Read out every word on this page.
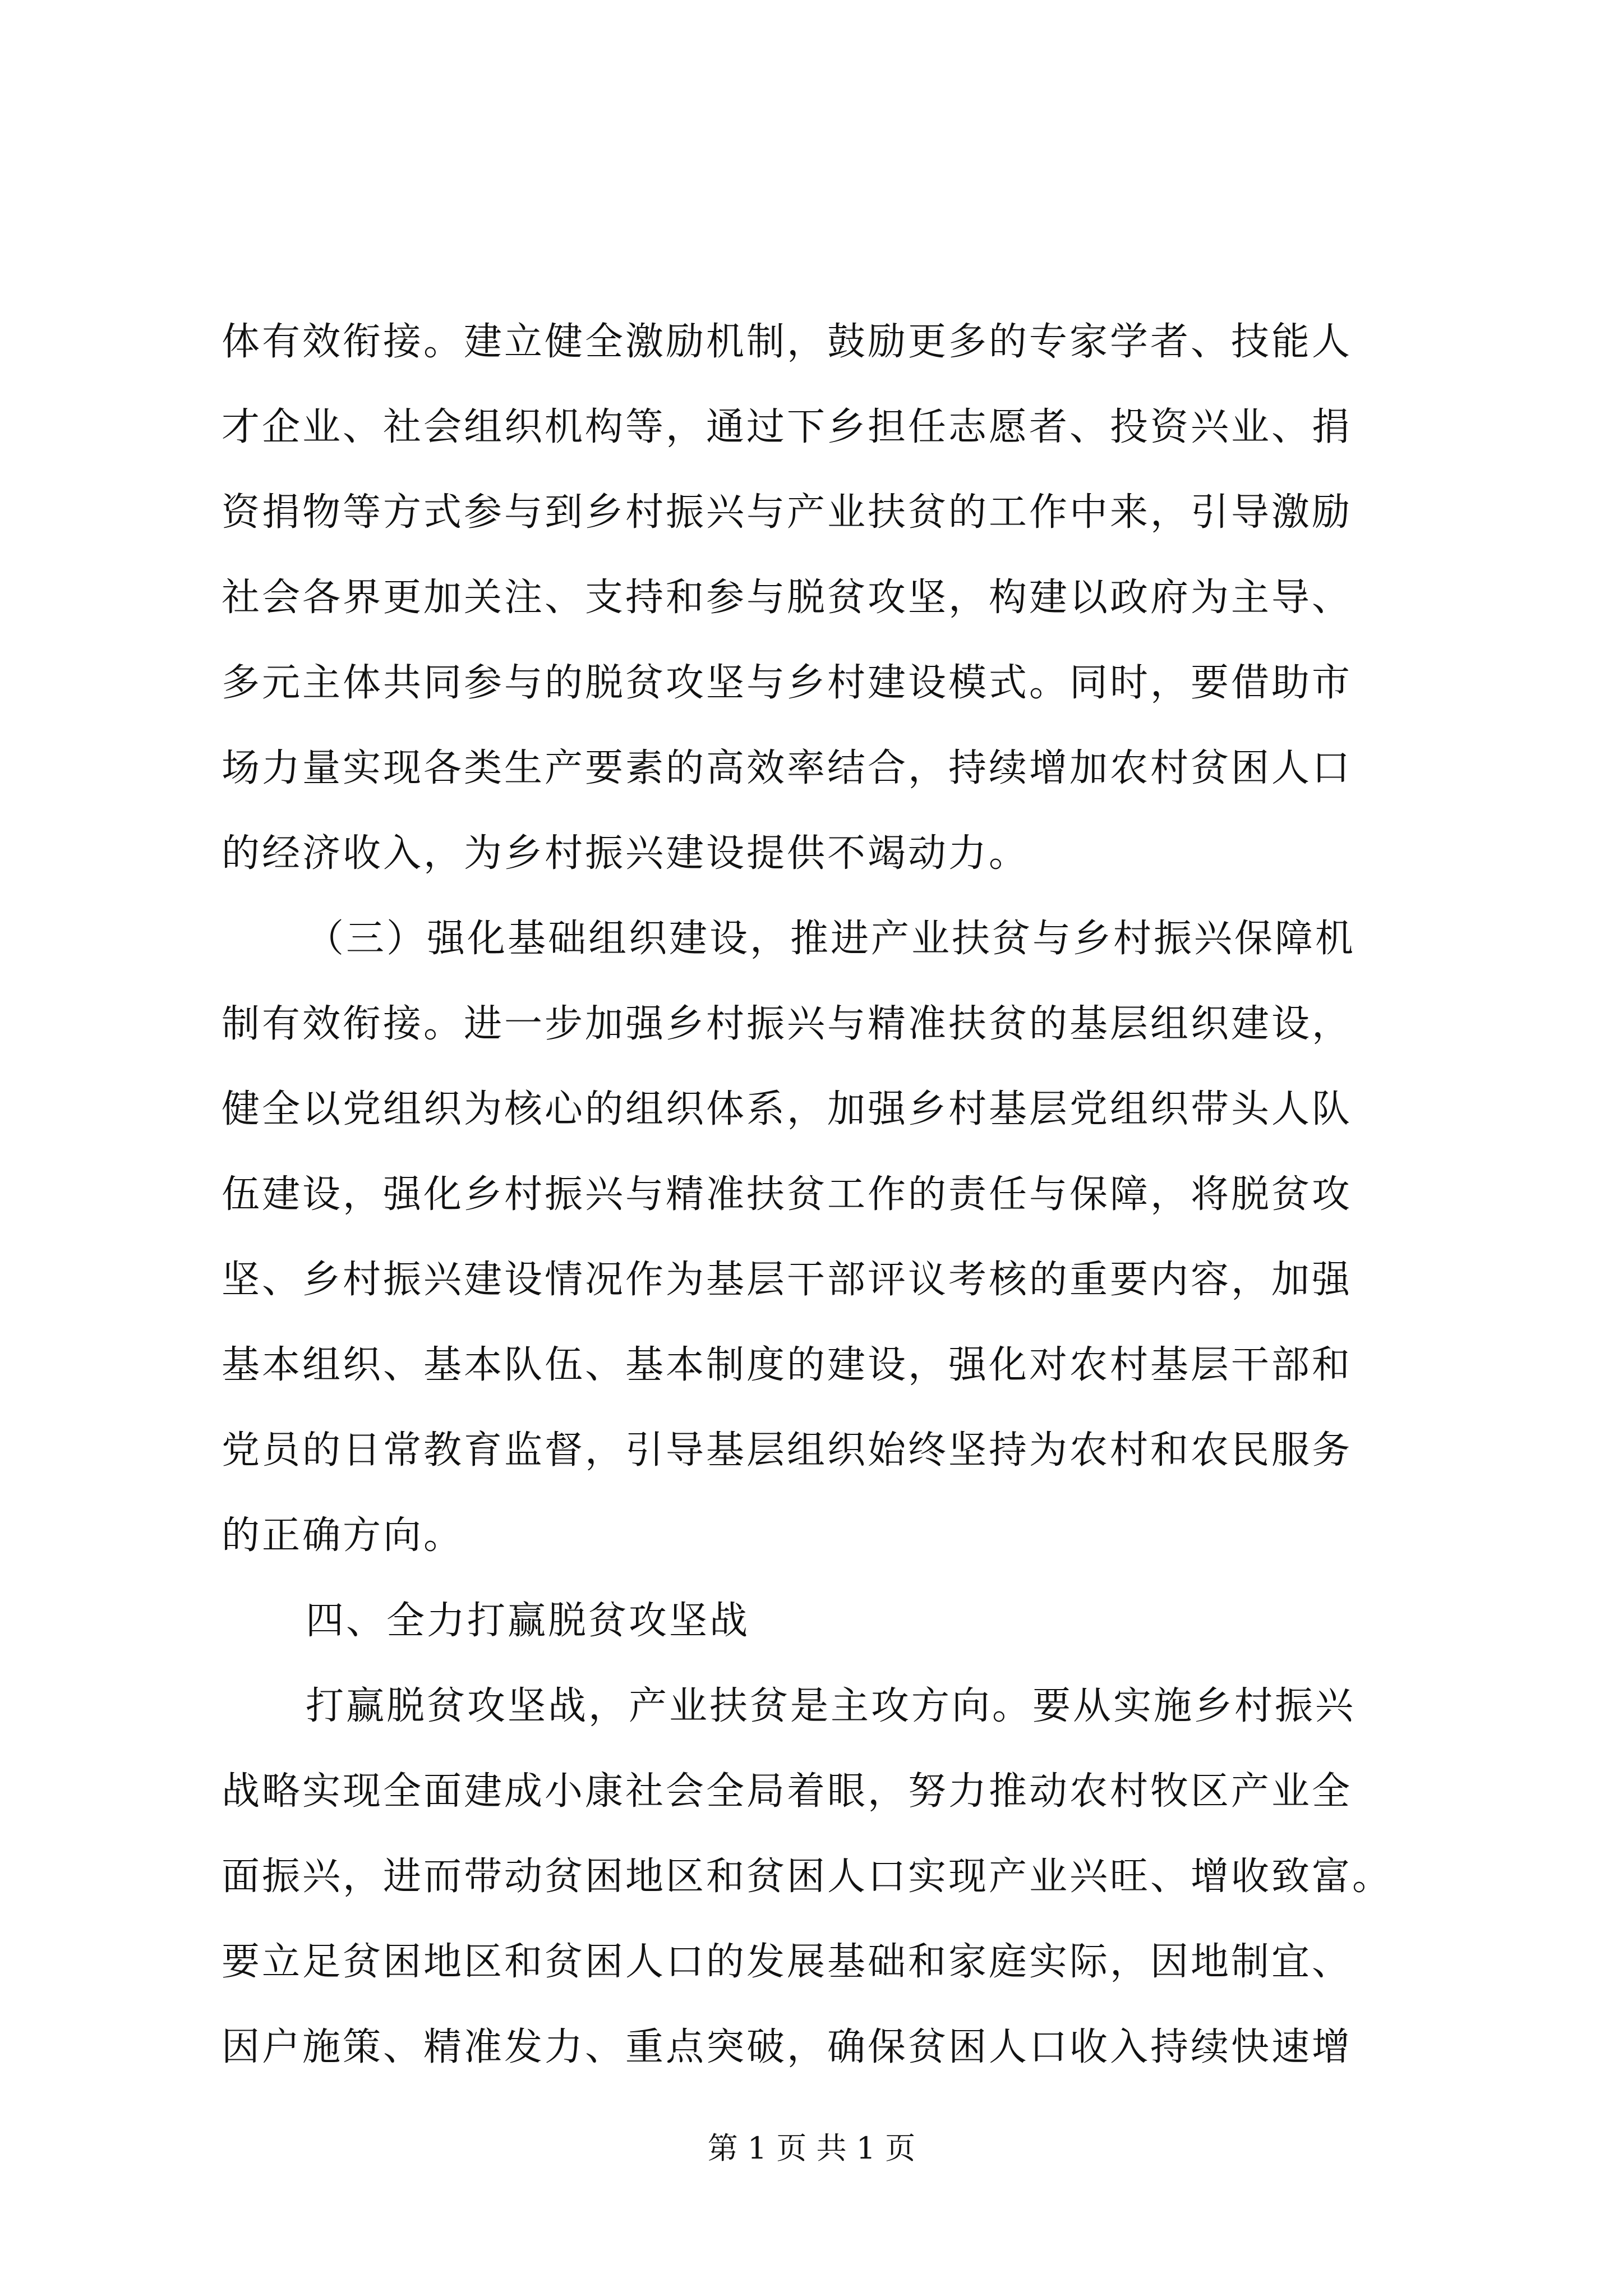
体有效衔接。建立健全激励机制，鼓励更多的专家学者、技能人
才企业、社会组织机构等，通过下乡担任志愿者、投资兴业、捐
资捐物等方式参与到乡村振兴与产业扶贫的工作中来，引导激励
社会各界更加关注、支持和参与脱贫攻坚，构建以政府为主导、
多元主体共同参与的脱贫攻坚与乡村建设模式。同时，要借助市
场力量实现各类生产要素的高效率结合，持续增加农村贫困人口
的经济收入，为乡村振兴建设提供不竭动力。
（三）强化基础组织建设，推进产业扶贫与乡村振兴保障机
制有效衔接。进一步加强乡村振兴与精准扶贫的基层组织建设，
健全以党组织为核心的组织体系，加强乡村基层党组织带头人队
伍建设，强化乡村振兴与精准扶贫工作的责任与保障，将脱贫攻
坚、乡村振兴建设情况作为基层干部评议考核的重要内容，加强
基本组织、基本队伍、基本制度的建设，强化对农村基层干部和
党员的日常教育监督，引导基层组织始终坚持为农村和农民服务
的正确方向。
四、全力打赢脱贫攻坚战
打赢脱贫攻坚战，产业扶贫是主攻方向。要从实施乡村振兴
战略实现全面建成小康社会全局着眼，努力推动农村牧区产业全
面振兴，进而带动贫困地区和贫困人口实现产业兴旺、增收致富。
要立足贫困地区和贫困人口的发展基础和家庭实际，因地制宜、
因户施策、精准发力、重点突破，确保贫困人口收入持续快速增
第 1 页 共 1 页
